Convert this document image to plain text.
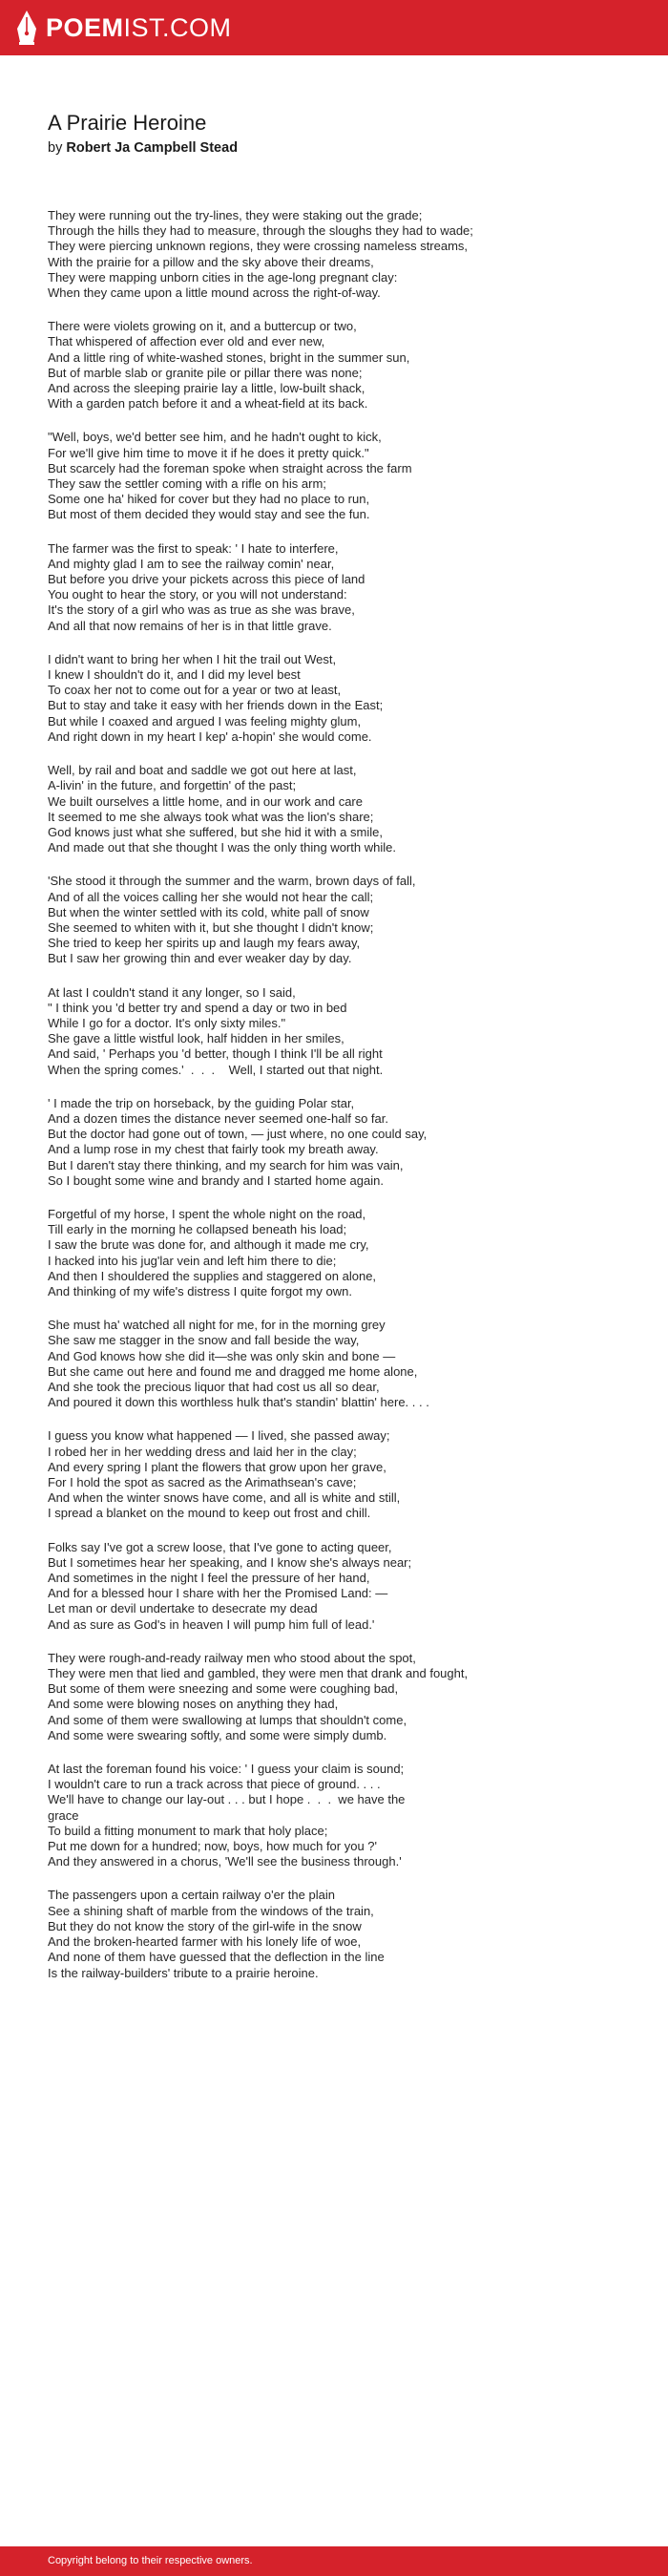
POEMIST.COM
A Prairie Heroine
by Robert Ja Campbell Stead
They were running out the try-lines, they were staking out the grade;
Through the hills they had to measure, through the sloughs they had to wade;
They were piercing unknown regions, they were crossing nameless streams,
With the prairie for a pillow and the sky above their dreams,
They were mapping unborn cities in the age-long pregnant clay:
When they came upon a little mound across the right-of-way.
There were violets growing on it, and a buttercup or two,
That whispered of affection ever old and ever new,
And a little ring of white-washed stones, bright in the summer sun,
But of marble slab or granite pile or pillar there was none;
And across the sleeping prairie lay a little, low-built shack,
With a garden patch before it and a wheat-field at its back.
"Well, boys, we'd better see him, and he hadn't ought to kick,
For we'll give him time to move it if he does it pretty quick."
But scarcely had the foreman spoke when straight across the farm
They saw the settler coming with a rifle on his arm;
Some one ha' hiked for cover but they had no place to run,
But most of them decided they would stay and see the fun.
The farmer was the first to speak: ' I hate to interfere,
And mighty glad I am to see the railway comin' near,
But before you drive your pickets across this piece of land
You ought to hear the story, or you will not understand:
It's the story of a girl who was as true as she was brave,
And all that now remains of her is in that little grave.
I didn't want to bring her when I hit the trail out West,
I knew I shouldn't do it, and I did my level best
To coax her not to come out for a year or two at least,
But to stay and take it easy with her friends down in the East;
But while I coaxed and argued I was feeling mighty glum,
And right down in my heart I kep' a-hopin' she would come.
Well, by rail and boat and saddle we got out here at last,
A-livin' in the future, and forgettin' of the past;
We built ourselves a little home, and in our work and care
It seemed to me she always took what was the lion's share;
God knows just what she suffered, but she hid it with a smile,
And made out that she thought I was the only thing worth while.
'She stood it through the summer and the warm, brown days of fall,
And of all the voices calling her she would not hear the call;
But when the winter settled with its cold, white pall of snow
She seemed to whiten with it, but she thought I didn't know;
She tried to keep her spirits up and laugh my fears away,
But I saw her growing thin and ever weaker day by day.
At last I couldn't stand it any longer, so I said,
" I think you 'd better try and spend a day or two in bed
While I go for a doctor. It's only sixty miles."
She gave a little wistful look, half hidden in her smiles,
And said, ' Perhaps you 'd better, though I think I'll be all right
When the spring comes.'  .  .  .    Well, I started out that night.
' I made the trip on horseback, by the guiding Polar star,
And a dozen times the distance never seemed one-half so far.
But the doctor had gone out of town, — just where, no one could say,
And a lump rose in my chest that fairly took my breath away.
But I daren't stay there thinking, and my search for him was vain,
So I bought some wine and brandy and I started home again.
Forgetful of my horse, I spent the whole night on the road,
Till early in the morning he collapsed beneath his load;
I saw the brute was done for, and although it made me cry,
I hacked into his jug'lar vein and left him there to die;
And then I shouldered the supplies and staggered on alone,
And thinking of my wife's distress I quite forgot my own.
She must ha' watched all night for me, for in the morning grey
She saw me stagger in the snow and fall beside the way,
And God knows how she did it—she was only skin and bone —
But she came out here and found me and dragged me home alone,
And she took the precious liquor that had cost us all so dear,
And poured it down this worthless hulk that's standin' blattin' here. . . .
I guess you know what happened — I lived, she passed away;
I robed her in her wedding dress and laid her in the clay;
And every spring I plant the flowers that grow upon her grave,
For I hold the spot as sacred as the Arimathsean's cave;
And when the winter snows have come, and all is white and still,
I spread a blanket on the mound to keep out frost and chill.
Folks say I've got a screw loose, that I've gone to acting queer,
But I sometimes hear her speaking, and I know she's always near;
And sometimes in the night I feel the pressure of her hand,
And for a blessed hour I share with her the Promised Land: —
Let man or devil undertake to desecrate my dead
And as sure as God's in heaven I will pump him full of lead.'
They were rough-and-ready railway men who stood about the spot,
They were men that lied and gambled, they were men that drank and fought,
But some of them were sneezing and some were coughing bad,
And some were blowing noses on anything they had,
And some of them were swallowing at lumps that shouldn't come,
And some were swearing softly, and some were simply dumb.
At last the foreman found his voice: ' I guess your claim is sound;
I wouldn't care to run a track across that piece of ground. . . .
We'll have to change our lay-out . . . but I hope .  .  .  we have the
grace
To build a fitting monument to mark that holy place;
Put me down for a hundred; now, boys, how much for you ?'
And they answered in a chorus, 'We'll see the business through.'
The passengers upon a certain railway o'er the plain
See a shining shaft of marble from the windows of the train,
But they do not know the story of the girl-wife in the snow
And the broken-hearted farmer with his lonely life of woe,
And none of them have guessed that the deflection in the line
Is the railway-builders' tribute to a prairie heroine.
Copyright belong to their respective owners.
